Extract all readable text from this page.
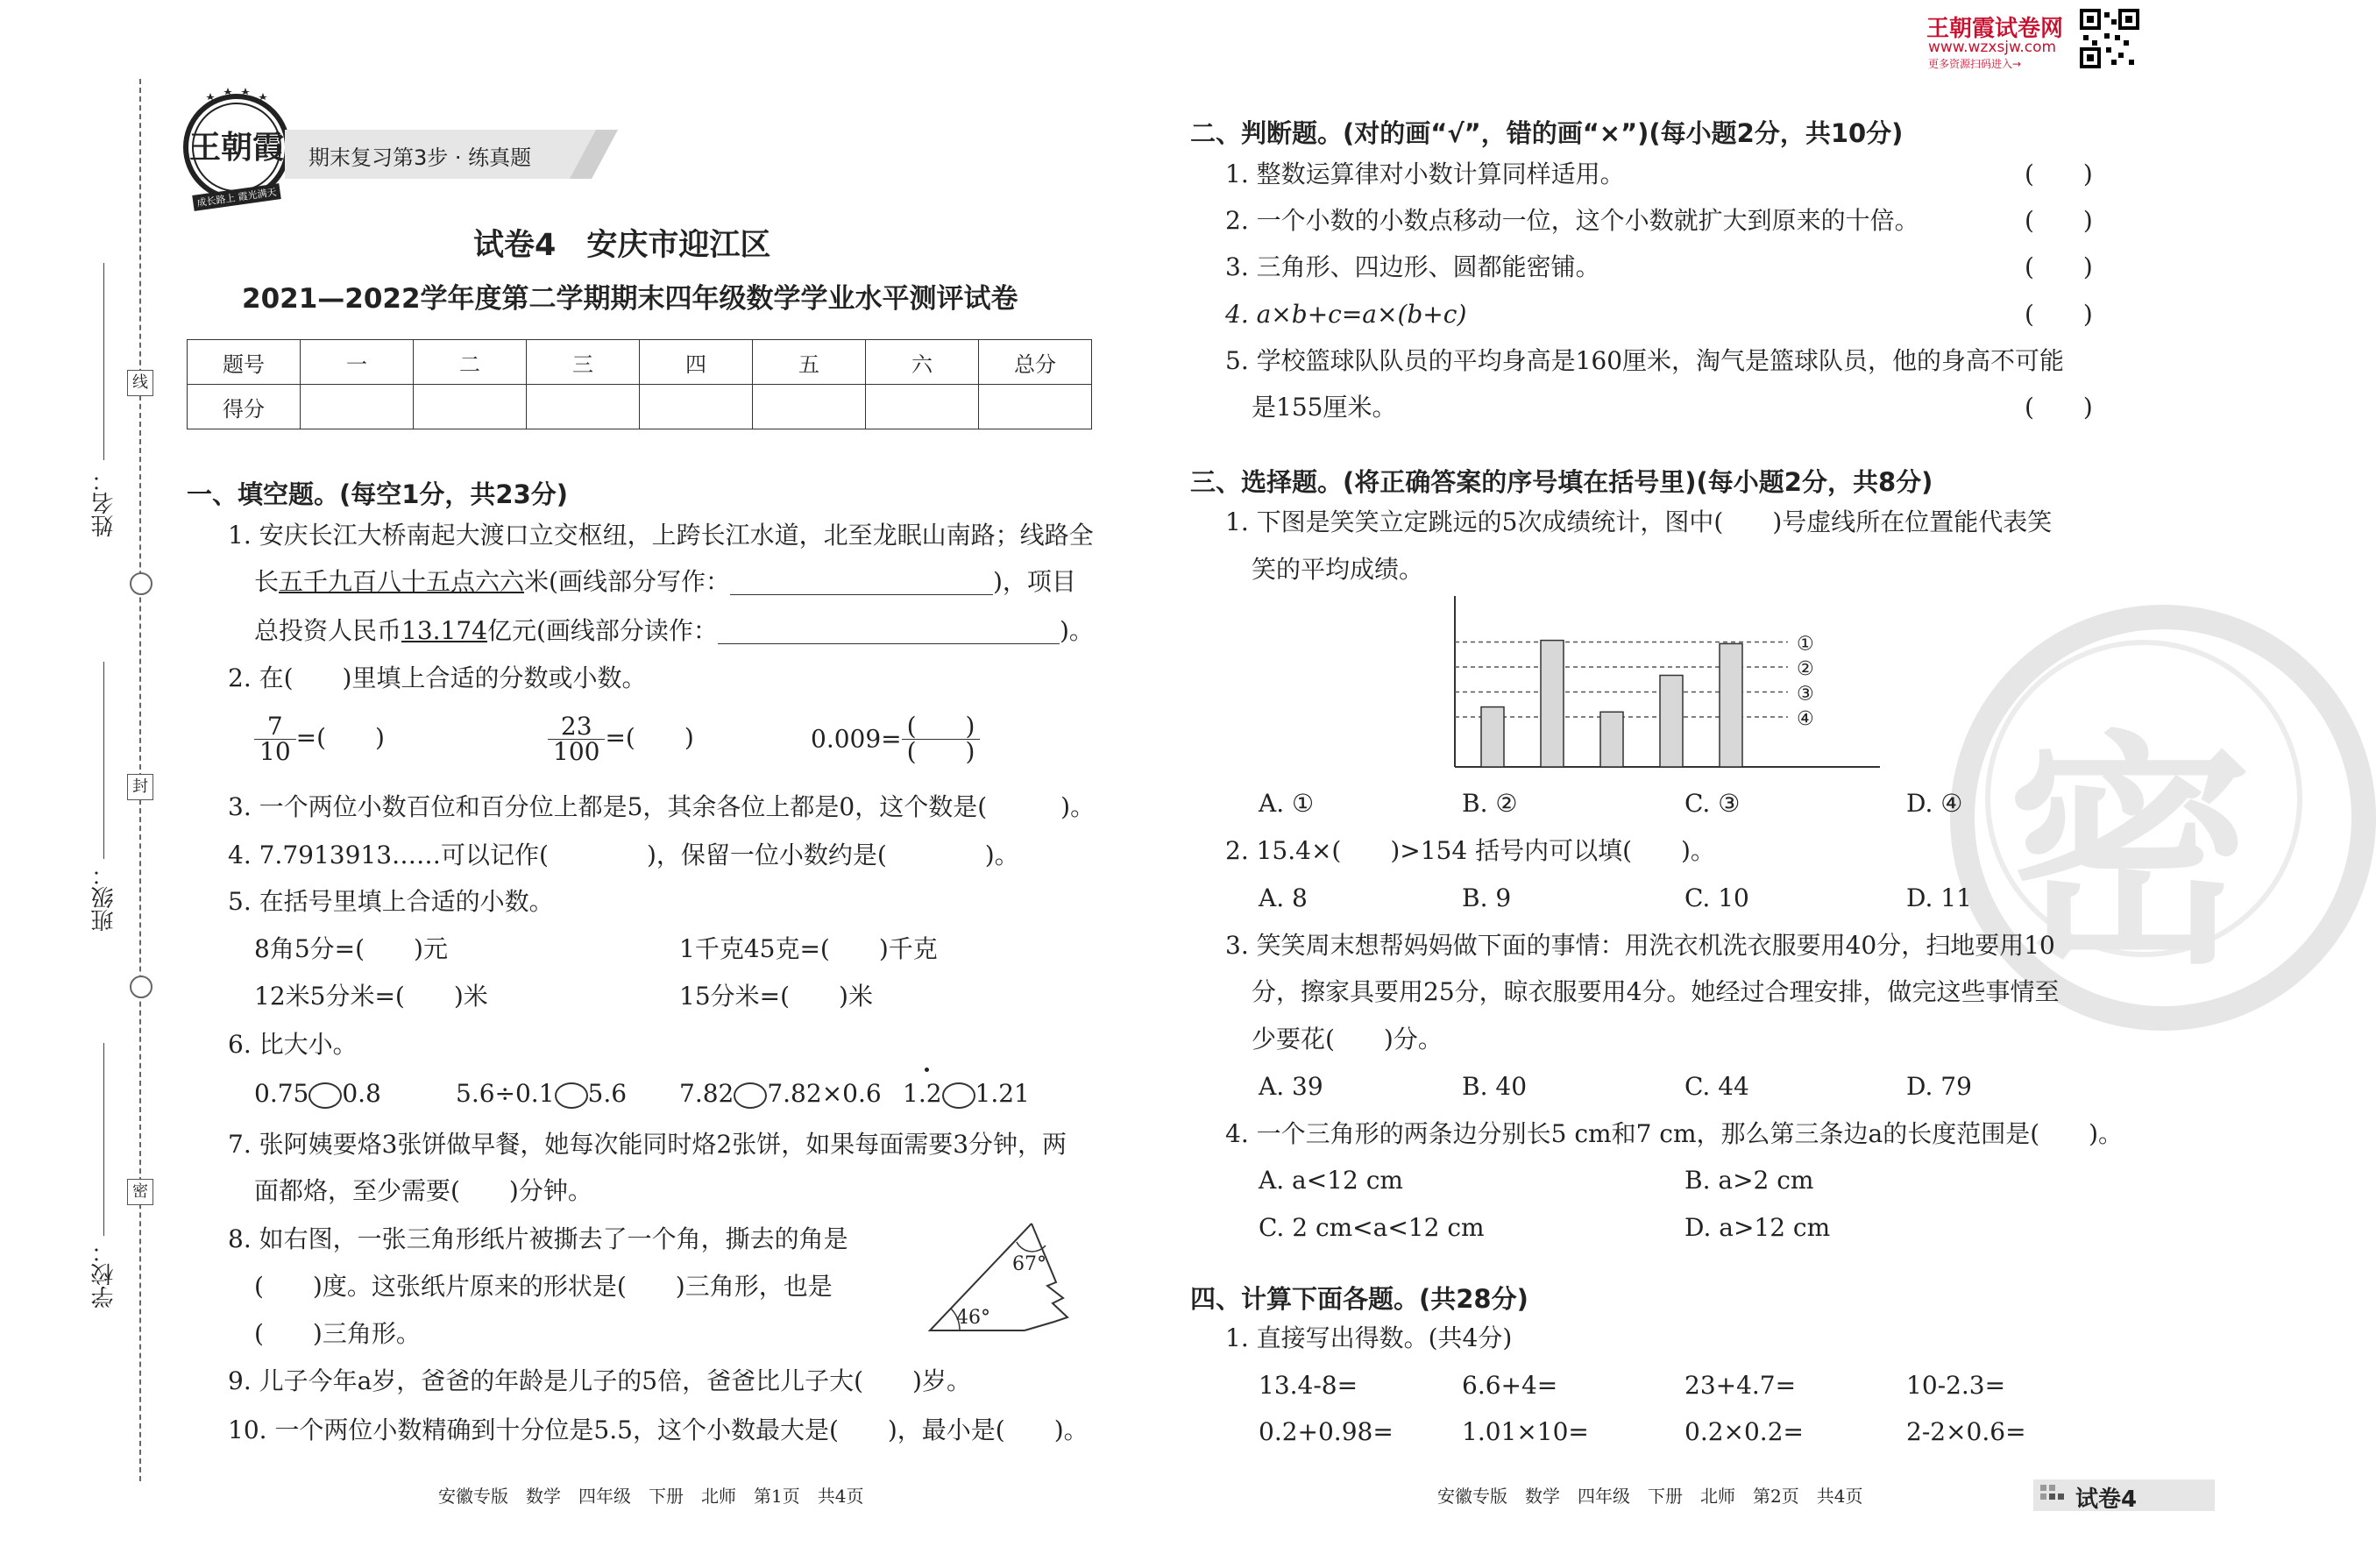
密
线
封
密
姓名：
班级：
学校：
王朝霞
成长路上 霞光满天
期末复习第3步 · 练真题
试卷4　安庆市迎江区
2021—2022学年度第二学期期末四年级数学学业水平测评试卷
题号	一	二	三	四	五	六	总分
得分							
一、填空题。(每空1分，共23分)
1. 安庆长江大桥南起大渡口立交枢纽，上跨长江水道，北至龙眠山南路；线路全
长五千九百八十五点六六米(画线部分写作：	)，项目
总投资人民币13.174亿元(画线部分读作：	)。
2. 在(　　)里填上合适的分数或小数。
$\frac{7}{10}$ =(　　)	$\frac{23}{100}$ =(　　)	$0.009= \frac{( )}{( )}$
3. 一个两位小数百位和百分位上都是5，其余各位上都是0，这个数是(　　　)。
4. 7.7913913……可以记作(　　　　)，保留一位小数约是(　　　　)。
5. 在括号里填上合适的小数。
8角5分=(　　)元	1千克45克=(　　)千克
12米5分米=(　　)米	15分米=(　　)米
6. 比大小。
0.75 0.8	5.6÷0.1 5.6 7.82 7.82×0.6 1.2 1.21
7. 张阿姨要烙3张饼做早餐，她每次能同时烙2张饼，如果每面需要3分钟，两
面都烙，至少需要(　　)分钟。
8. 如右图，一张三角形纸片被撕去了一个角，撕去的角是
(　　)度。这张纸片原来的形状是(　　)三角形，也是
(　　)三角形。
67°
46°
9. 儿子今年a岁，爸爸的年龄是儿子的5倍，爸爸比儿子大(　　)岁。
10. 一个两位小数精确到十分位是5.5，这个小数最大是(　　)，最小是(　　)。
安徽专版　数学　四年级　下册　北师　第1页　共4页
王朝霞试卷网
www.wzxsjw.com
更多资源扫码进入→
二、判断题。(对的画“√”，错的画“×”)(每小题2分，共10分)
1. 整数运算律对小数计算同样适用。
2. 一个小数的小数点移动一位，这个小数就扩大到原来的十倍。
3. 三角形、四边形、圆都能密铺。
4. a×b+c=a×(b+c)
5. 学校篮球队队员的平均身高是160厘米，淘气是篮球队员，他的身高不可能
是155厘米。
(　　)
(　　)
(　　)
(　　)
(　　)
三、选择题。(将正确答案的序号填在括号里)(每小题2分，共8分)
1. 下图是笑笑立定跳远的5次成绩统计，图中(　　)号虚线所在位置能代表笑
笑的平均成绩。
①
②
③
④
A. ①	B. ②	C. ③	D. ④
2. 15.4×(　　)>154 括号内可以填(　　)。
A. 8	B. 9	C. 10	D. 11
3. 笑笑周末想帮妈妈做下面的事情：用洗衣机洗衣服要用40分，扫地要用10
分，擦家具要用25分，晾衣服要用4分。她经过合理安排，做完这些事情至
少要花(　　)分。
A. 39	B. 40	C. 44	D. 79
4. 一个三角形的两条边分别长5 cm和7 cm，那么第三条边a的长度范围是(　　)。
A. a<12 cm	B. a>2 cm
C. 2 cm<a<12 cm	D. a>12 cm
四、计算下面各题。(共28分)
1. 直接写出得数。(共4分)
13.4-8=	6.6+4=	23+4.7=	10-2.3=
0.2+0.98=	1.01×10=	0.2×0.2=	2-2×0.6=
安徽专版　数学　四年级　下册　北师　第2页　共4页	试卷4
